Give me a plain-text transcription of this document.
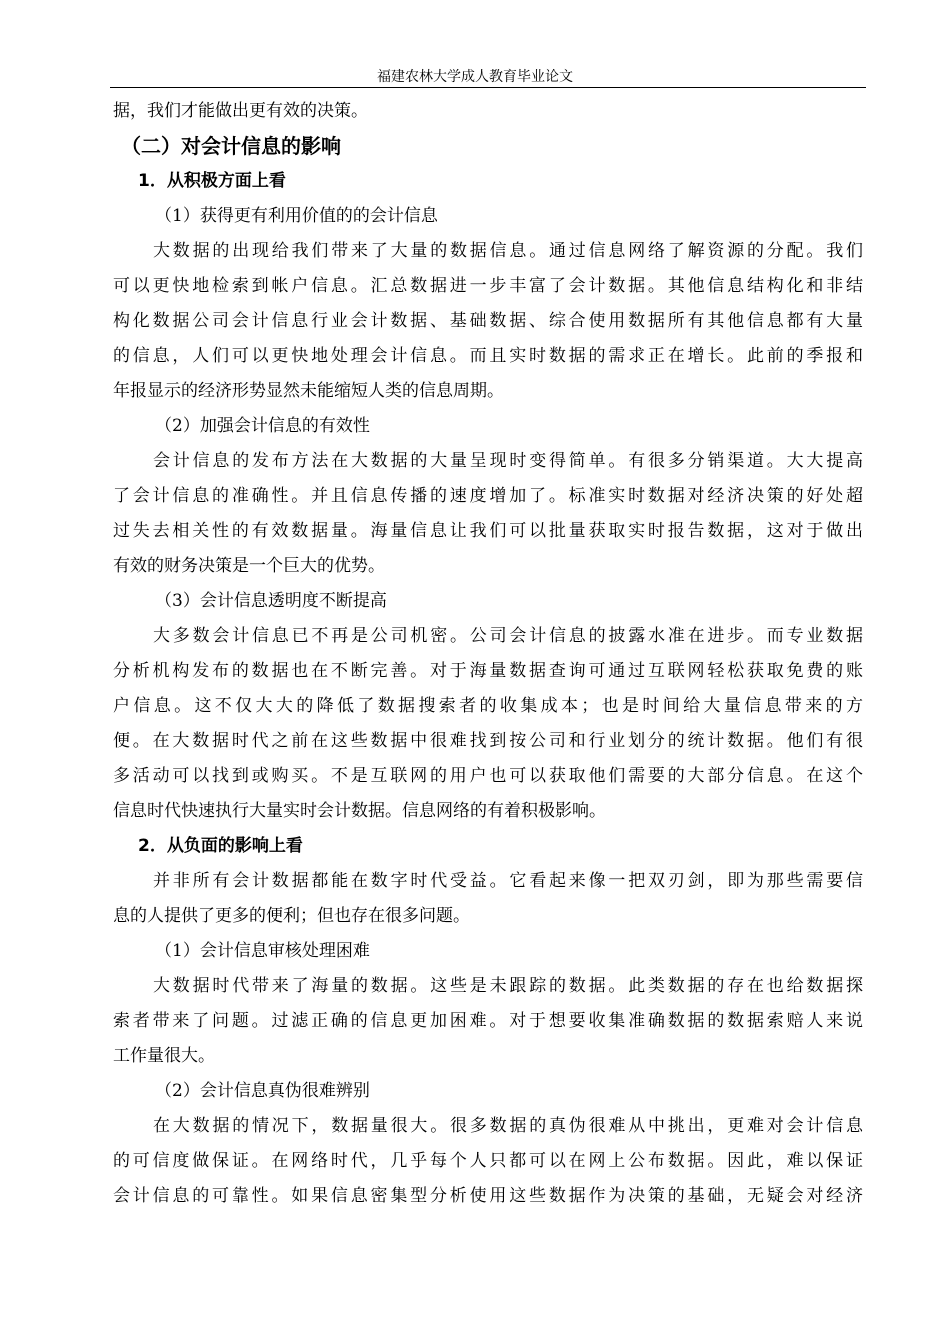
福建农林大学成人教育毕业论文
据，我们才能做出更有效的决策。
（二）对会计信息的影响
1．从积极方面上看
（1）获得更有利用价值的的会计信息
大数据的出现给我们带来了大量的数据信息。通过信息网络了解资源的分配。我们
可以更快地检索到帐户信息。汇总数据进一步丰富了会计数据。其他信息结构化和非结
构化数据公司会计信息行业会计数据、基础数据、综合使用数据所有其他信息都有大量
的信息，人们可以更快地处理会计信息。而且实时数据的需求正在增长。此前的季报和
年报显示的经济形势显然未能缩短人类的信息周期。
（2）加强会计信息的有效性
会计信息的发布方法在大数据的大量呈现时变得简单。有很多分销渠道。大大提高
了会计信息的准确性。并且信息传播的速度增加了。标准实时数据对经济决策的好处超
过失去相关性的有效数据量。海量信息让我们可以批量获取实时报告数据，这对于做出
有效的财务决策是一个巨大的优势。
（3）会计信息透明度不断提高
大多数会计信息已不再是公司机密。公司会计信息的披露水准在进步。而专业数据
分析机构发布的数据也在不断完善。对于海量数据查询可通过互联网轻松获取免费的账
户信息。这不仅大大的降低了数据搜索者的收集成本；也是时间给大量信息带来的方
便。在大数据时代之前在这些数据中很难找到按公司和行业划分的统计数据。他们有很
多活动可以找到或购买。不是互联网的用户也可以获取他们需要的大部分信息。在这个
信息时代快速执行大量实时会计数据。信息网络的有着积极影响。
2．从负面的影响上看
并非所有会计数据都能在数字时代受益。它看起来像一把双刃剑，即为那些需要信
息的人提供了更多的便利；但也存在很多问题。
（1）会计信息审核处理困难
大数据时代带来了海量的数据。这些是未跟踪的数据。此类数据的存在也给数据探
索者带来了问题。过滤正确的信息更加困难。对于想要收集准确数据的数据索赔人来说
工作量很大。
（2）会计信息真伪很难辨别
在大数据的情况下，数据量很大。很多数据的真伪很难从中挑出，更难对会计信息
的可信度做保证。在网络时代，几乎每个人只都可以在网上公布数据。因此，难以保证
会计信息的可靠性。如果信息密集型分析使用这些数据作为决策的基础，无疑会对经济
